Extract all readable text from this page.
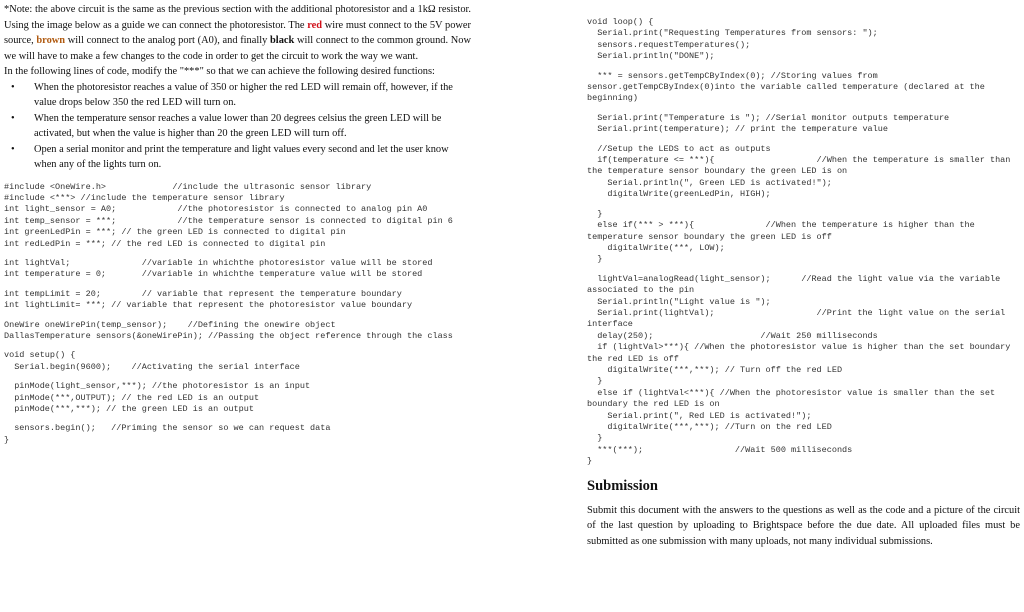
*Note: the above circuit is the same as the previous section with the additional photoresistor and a 1kΩ resistor. Using the image below as a guide we can connect the photoresistor. The red wire must connect to the 5V power source, brown will connect to the analog port (A0), and finally black will connect to the common ground. Now we will have to make a few changes to the code in order to get the circuit to work the way we want.

In the following lines of code, modify the "***" so that we can achieve the following desired functions:

• When the photoresistor reaches a value of 350 or higher the red LED will remain off, however, if the value drops below 350 the red LED will turn on.
• When the temperature sensor reaches a value lower than 20 degrees celsius the green LED will be activated, but when the value is higher than 20 the green LED will turn off.
• Open a serial monitor and print the temperature and light values every second and let the user know when any of the lights turn on.
#include <OneWire.h>             //include the ultrasonic sensor library
#include <***> //include the temperature sensor library
int light_sensor = A0;            //the photoresistor is connected to analog pin A0
int temp_sensor = ***;            //the temperature sensor is connected to digital pin 6
int greenLedPin = ***; // the green LED is connected to digital pin
int redLedPin = ***; // the red LED is connected to digital pin
int lightVal;              //variable in whichthe photoresistor value will be stored
int temperature = 0;       //variable in whichthe temperature value will be stored
int tempLimit = 20;        // variable that represent the temperature boundary
int lightLimit= ***; // variable that represent the photoresistor value boundary
OneWire oneWirePin(temp_sensor);    //Defining the onewire object
DallasTemperature sensors(&oneWirePin); //Passing the object reference through the class
void setup() {
Serial.begin(9600);    //Activating the serial interface
pinMode(light_sensor,***); //the photoresistor is an input
pinMode(***,OUTPUT); // the red LED is an output
pinMode(***,***); // the green LED is an output
sensors.begin();   //Priming the sensor so we can request data
}
void loop() {
Serial.print("Requesting Temperatures from sensors: ");
sensors.requestTemperatures();
Serial.println("DONE");
*** = sensors.getTempCByIndex(0); //Storing values from sensor.getTempCByIndex(0)into the variable called temperature (declared at the beginning)
Serial.print("Temperature is "); //Serial monitor outputs temperature
Serial.print(temperature); // print the temperature value
//Setup the LEDS to act as outputs
if(temperature <= ***){                    //When the temperature is smaller than the temperature sensor boundary the green LED is on
Serial.println(", Green LED is activated!");
digitalWrite(greenLedPin, HIGH);
}
else if(*** > ***){              //When the temperature is higher than the temperature sensor boundary the green LED is off
digitalWrite(***, LOW);
}
lightVal=analogRead(light_sensor);      //Read the light value via the variable associated to the pin
Serial.println("Light value is ");
Serial.print(lightVal);                    //Print the light value on the serial interface
delay(250);                     //Wait 250 milliseconds
if (lightVal>***){ //When the photoresistor value is higher than the set boundary the red LED is off
digitalWrite(***,***); // Turn off the red LED
}
else if (lightVal<***){ //When the photoresistor value is smaller than the set boundary the red LED is on
Serial.print(", Red LED is activated!");
digitalWrite(***,***); //Turn on the red LED
}
***(***);                  //Wait 500 milliseconds
}
Submission

Submit this document with the answers to the questions as well as the code and a picture of the circuit of the last question by uploading to Brightspace before the due date. All uploaded files must be submitted as one submission with many uploads, not many individual submissions.
